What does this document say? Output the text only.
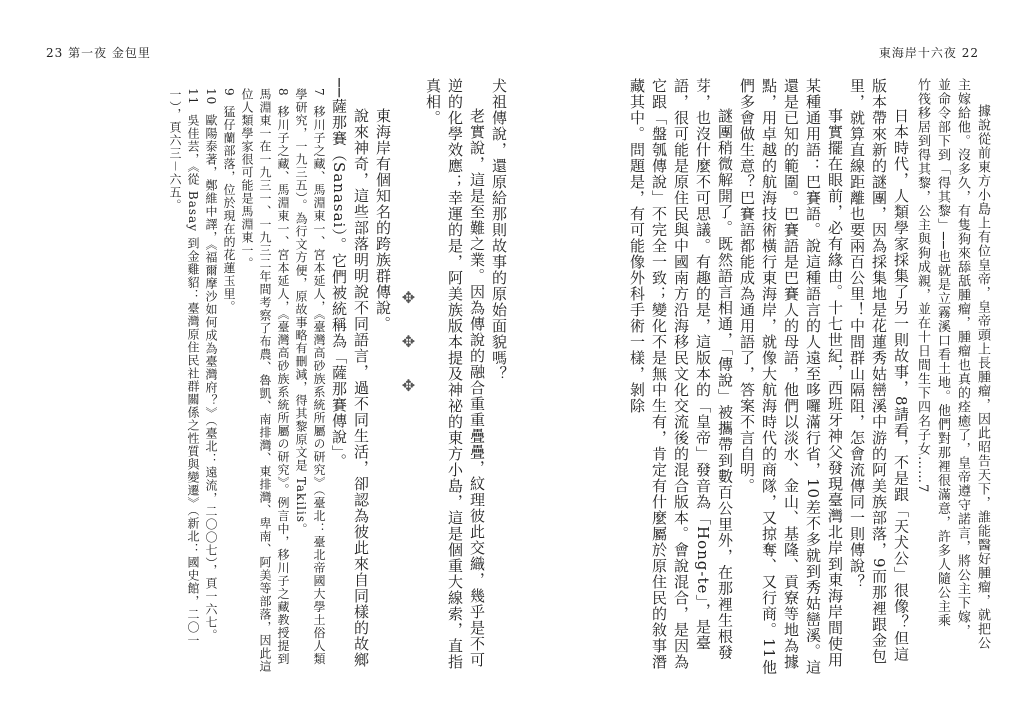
23 第一夜 金包里	東海岸十六夜 22

據說從前東方小島上有位皇帝，皇帝頭上長腫瘤，因此昭告天下，誰能醫好腫瘤，就把公

主嫁給他。沒多久，有隻狗來舔舐腫瘤，腫瘤也真的痊癒了，皇帝遵守諾言，將公主下嫁，

並命令部下到「得其黎」──也就是立霧溪口看土地。他們對那裡很滿意，許多人隨公主乘

竹筏移居到得其黎，公主與狗成親，並在十日間生下四名子女……7

日本時代，人類學家採集了另一則故事，8請看，不是跟「天犬公」很像？但這版本帶來新的謎團，因為採集地是花蓮秀姑巒溪中游的阿美族部落，9而那裡跟金包里，就算直線距離也要兩百公里！中間群山隔阻，怎會流傳同一則傳說？

事實擺在眼前，必有緣由。十七世紀，西班牙神父發現臺灣北岸到東海岸間使用某種通用語：巴賽語。說這種語言的人遠至哆囉滿行省，10差不多就到秀姑巒溪。這還是已知的範圍。巴賽語是巴賽人的母語，他們以淡水、金山、基隆、貢寮等地為據點，用卓越的航海技術橫行東海岸，就像大航海時代的商隊，又掠奪、又行商。11他們多會做生意？巴賽語都能成為通用語了，答案不言自明。

謎團稍微解開了。既然語言相通，「傳說」被攜帶到數百公里外，在那裡生根發芽，也沒什麼不可思議。有趣的是，這版本的「皇帝」發音為「Hong-te」，是臺語，很可能是原住民與中國南方沿海移民文化交流後的混合版本。會說混合，是因為它跟「盤瓠傳說」不完全一致；變化不是無中生有，肯定有什麼屬於原住民的敘事潛藏其中。問題是，有可能像外科手術一樣，剝除

犬祖傳說，還原給那則故事的原始面貌嗎？

老實說，這是至難之業。因為傳說的融合重重疊疊，紋理彼此交織，幾乎是不可逆的化學效應；幸運的是，阿美族版本提及神祕的東方小島，這是個重大線索，直指真相。

✥ ✥ ✥

東海岸有個知名的跨族群傳說。

說來神奇，這些部落明明說不同語言，過不同生活，卻認為彼此來自同樣的故鄉──薩那賽（Sanasai）。它們被統稱為「薩那賽傳說」。

7 移川子之藏、馬淵東一、宮本延人，《臺灣高砂族系統所屬の研究》（臺北：臺北帝國大學土俗人類學研究，一九三五）。為行文方便，原故事略有刪減，得其黎原文是 Takilis。

8 移川子之藏、馬淵東一、宮本延人，《臺灣高砂族系統所屬の研究》。例言中，移川子之藏教授提到馬淵東一在一九三一、一九三二年間考察了布農、魯凱、南排灣、東排灣、卑南、阿美等部落，因此這位人類學家很可能是馬淵東一。

9 猛仔蘭部落，位於現在的花蓮玉里。

10 歐陽泰著，鄭維中譯，《福爾摩沙如何成為臺灣府？》（臺北：遠流，二〇〇七），頁一六七。

11 吳佳芸，《從 Basay 到金雞貂：臺灣原住民社群關係之性質與變遷》（新北：國史館，二〇一一），頁六三－六五。
